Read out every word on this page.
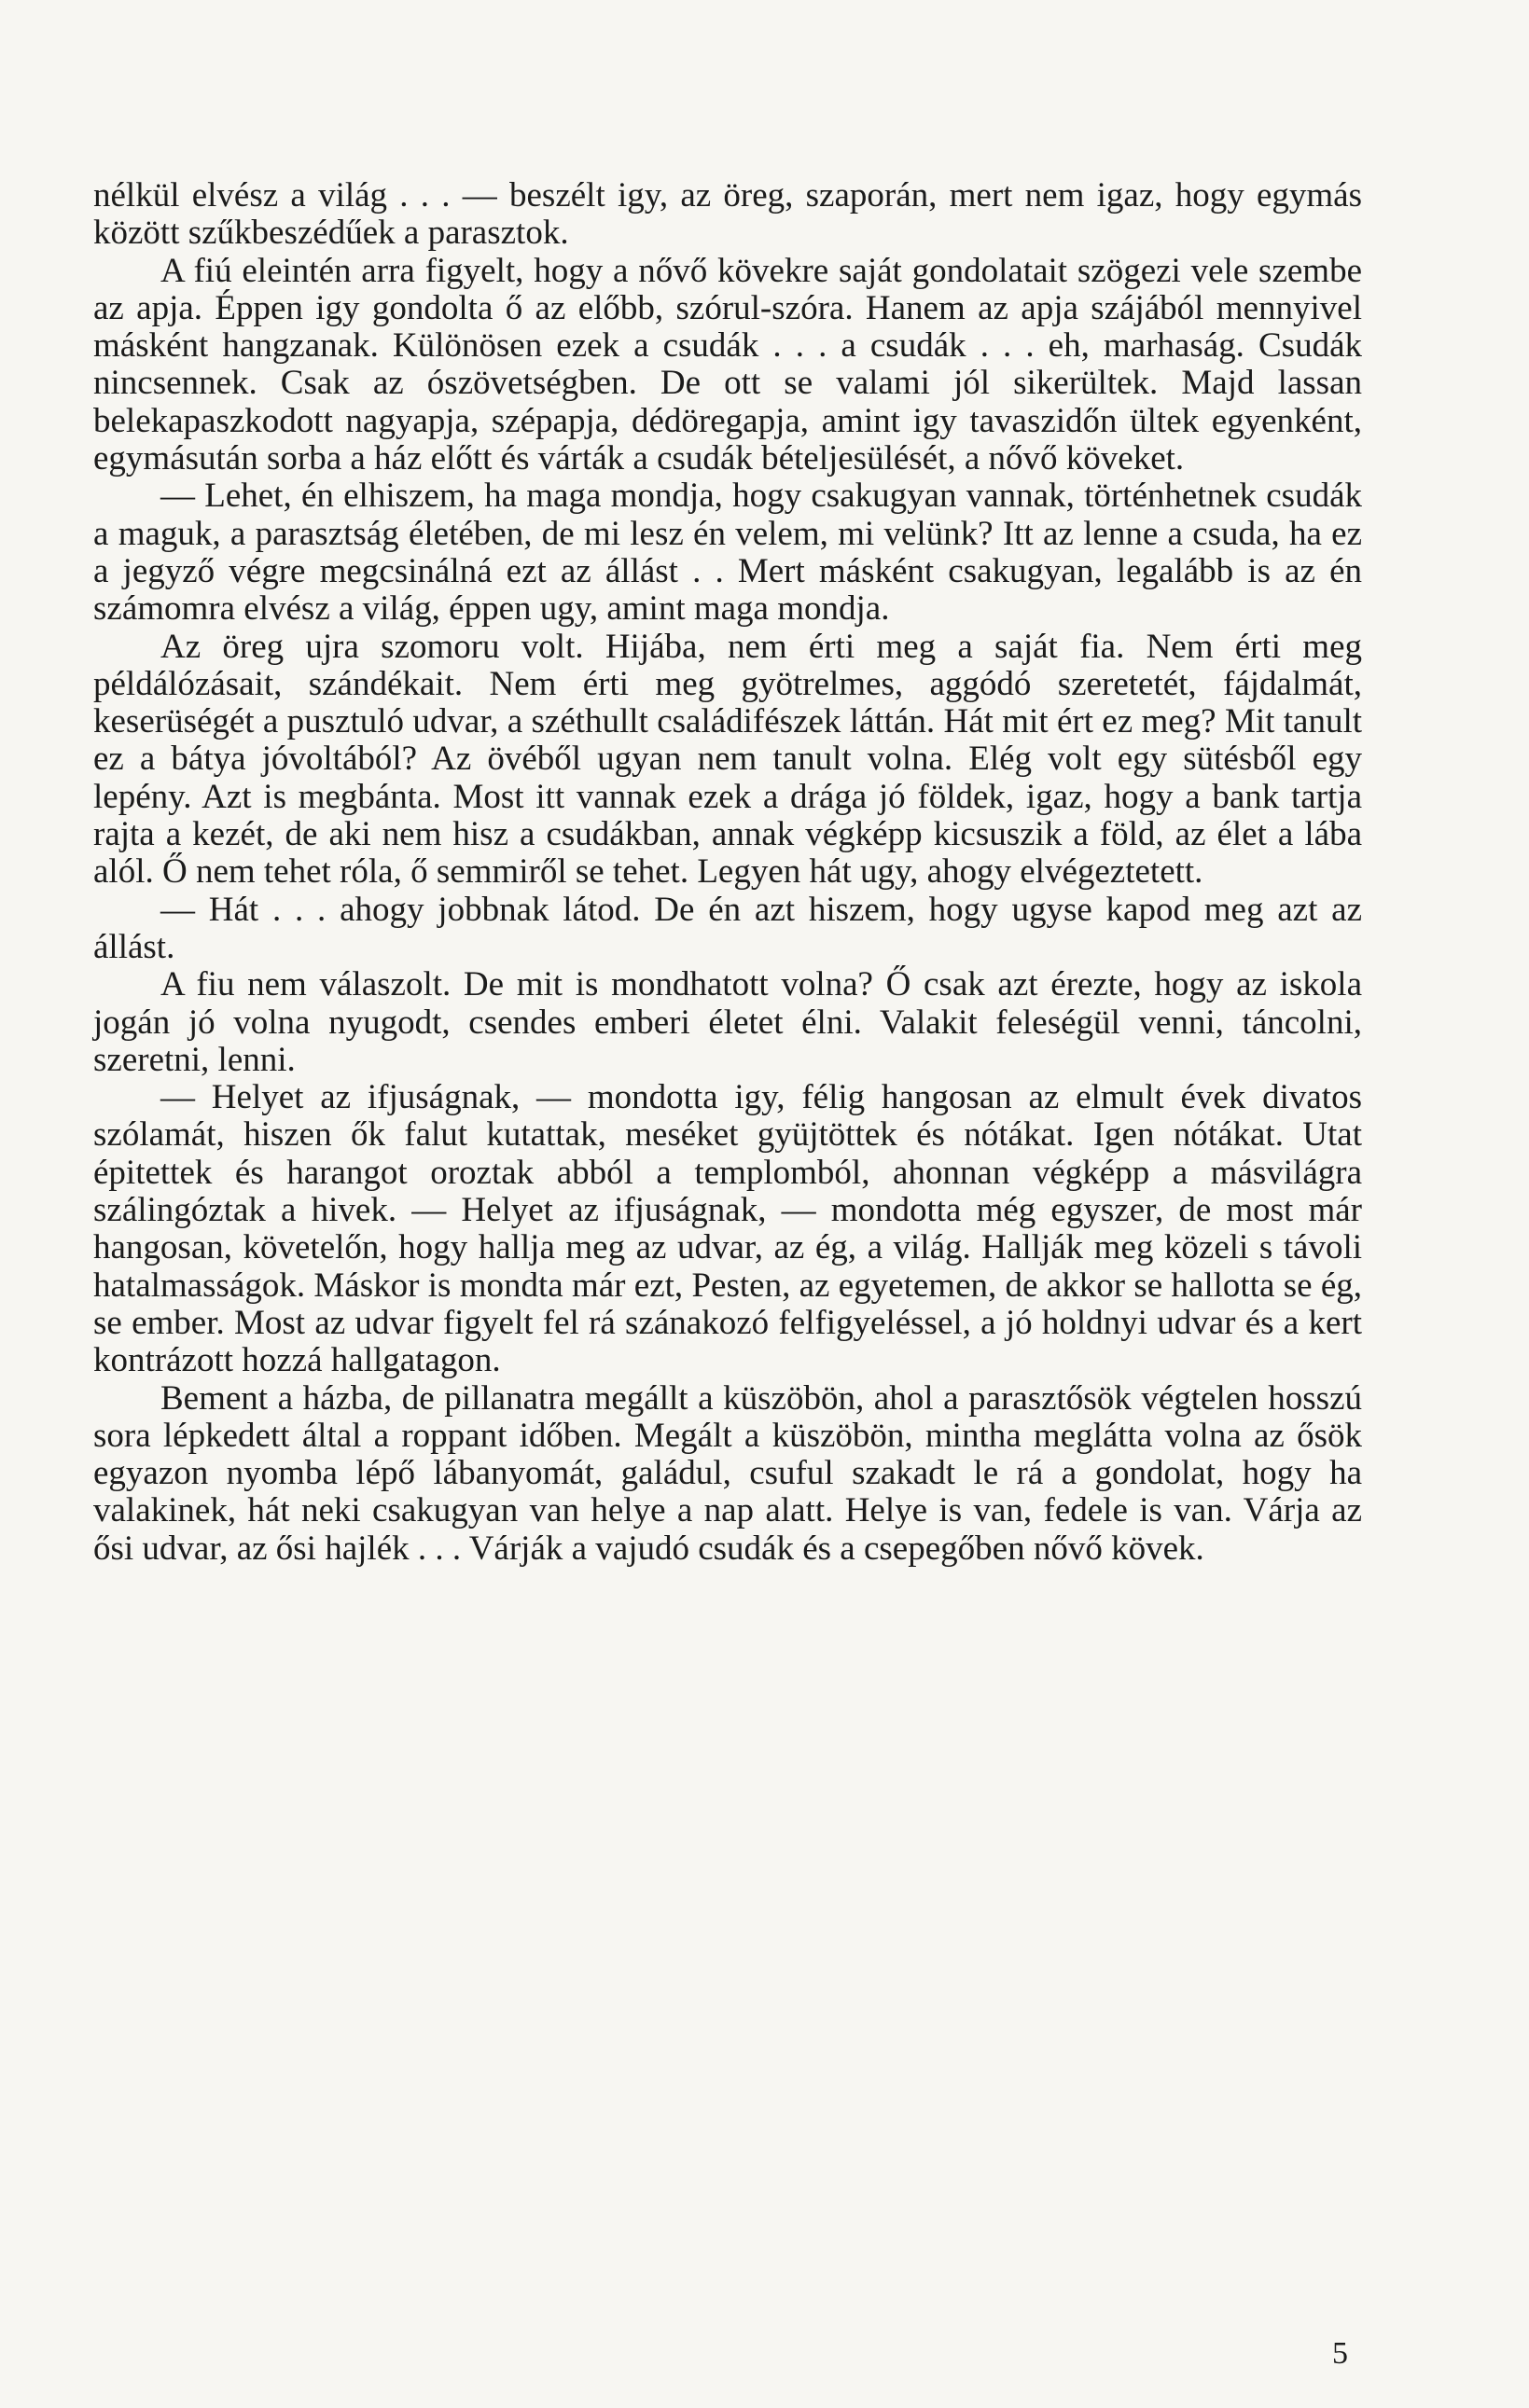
nélkül elvész a világ . . . — beszélt igy, az öreg, szaporán, mert nem igaz, hogy egymás között szűkbeszédűek a parasztok.

A fiú eleintén arra figyelt, hogy a nővő kövekre saját gondolatait szögezi vele szembe az apja. Éppen igy gondolta ő az előbb, szórul-szóra. Hanem az apja szájából mennyivel másként hangzanak. Különösen ezek a csudák . . . a csudák . . . eh, marhaság. Csudák nincsennek. Csak az ószövetségben. De ott se valami jól sikerültek. Majd lassan belekapaszkodott nagyapja, szépapja, dédöregapja, amint igy tavaszidőn ültek egyenként, egymásután sorba a ház előtt és várták a csudák bételjesülését, a nővő köveket.

— Lehet, én elhiszem, ha maga mondja, hogy csakugyan vannak, történhetnek csudák a maguk, a parasztság életében, de mi lesz én velem, mi velünk? Itt az lenne a csuda, ha ez a jegyző végre megcsinálná ezt az állást . . Mert másként csakugyan, legalább is az én számomra elvész a világ, éppen ugy, amint maga mondja.

Az öreg ujra szomoru volt. Hijába, nem érti meg a saját fia. Nem érti meg példálózásait, szándékait. Nem érti meg gyötrelmes, aggódó szeretetét, fájdalmát, keserüségét a pusztuló udvar, a széthullt családifészek láttán. Hát mit ért ez meg? Mit tanult ez a bátya jóvoltából? Az övéből ugyan nem tanult volna. Elég volt egy sütésből egy lepény. Azt is megbánta. Most itt vannak ezek a drága jó földek, igaz, hogy a bank tartja rajta a kezét, de aki nem hisz a csudákban, annak végképp kicsuszik a föld, az élet a lába alól. Ő nem tehet róla, ő semmiről se tehet. Legyen hát ugy, ahogy elvégeztetett.

— Hát . . . ahogy jobbnak látod. De én azt hiszem, hogy ugyse kapod meg azt az állást.

A fiu nem válaszolt. De mit is mondhatott volna? Ő csak azt érezte, hogy az iskola jogán jó volna nyugodt, csendes emberi életet élni. Valakit feleségül venni, táncolni, szeretni, lenni.

— Helyet az ifjuságnak, — mondotta igy, félig hangosan az elmult évek divatos szólamát, hiszen ők falut kutattak, meséket gyüjtöttek és nótákat. Igen nótákat. Utat épitettek és harangot oroztak abból a templomból, ahonnan végképp a másvilágra szálingóztak a hivek. — Helyet az ifjuságnak, — mondotta még egyszer, de most már hangosan, követelőn, hogy hallja meg az udvar, az ég, a világ. Hallják meg közeli s távoli hatalmasságok. Máskor is mondta már ezt, Pesten, az egyetemen, de akkor se hallotta se ég, se ember. Most az udvar figyelt fel rá szánakozó felfigyeléssel, a jó holdnyi udvar és a kert kontrázott hozzá hallgatagon.

Bement a házba, de pillanatra megállt a küszöbön, ahol a parasztősök végtelen hosszú sora lépkedett által a roppant időben. Megált a küszöbön, mintha meglátta volna az ősök egyazon nyomba lépő lábanyomát, galádul, csuful szakadt le rá a gondolat, hogy ha valakinek, hát neki csakugyan van helye a nap alatt. Helye is van, fedele is van. Várja az ősi udvar, az ősi hajlék . . . Várják a vajudó csudák és a csepegőben nővő kövek.

5
